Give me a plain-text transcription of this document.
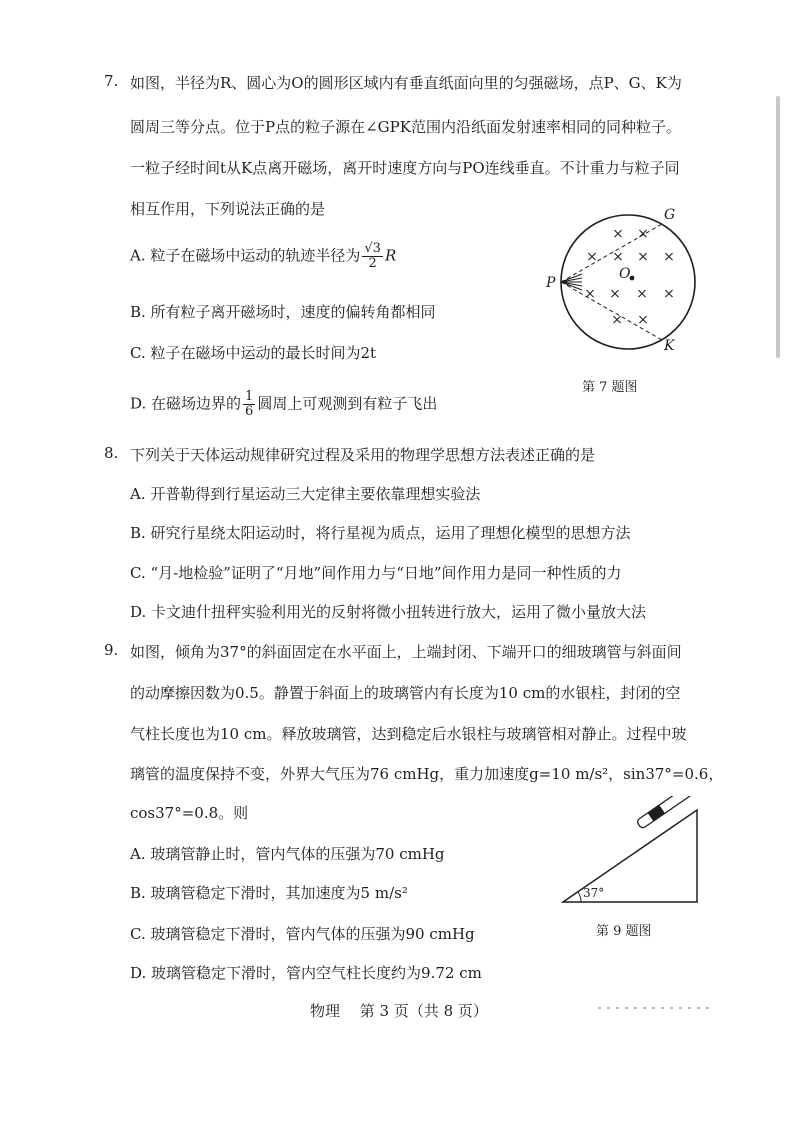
7. 如图，半径为R、圆心为O的圆形区域内有垂直纸面向里的匀强磁场，点P、G、K为
圆周三等分点。位于P点的粒子源在∠GPK范围内沿纸面发射速率相同的同种粒子。
一粒子经时间t从K点离开磁场，离开时速度方向与PO连线垂直。不计重力与粒子同
相互作用，下列说法正确的是
A. 粒子在磁场中运动的轨迹半径为 $\frac{√3}{2}$ R
B. 所有粒子离开磁场时，速度的偏转角都相同
C. 粒子在磁场中运动的最长时间为2t
D. 在磁场边界的 $\frac{1}{6}$ 圆周上可观测到有粒子飞出
× ×
× × × ×
× × × ×
× ×
O
P
G
K
第 7 题图
8. 下列关于天体运动规律研究过程及采用的物理学思想方法表述正确的是
A. 开普勒得到行星运动三大定律主要依靠理想实验法
B. 研究行星绕太阳运动时，将行星视为质点，运用了理想化模型的思想方法
C. “月-地检验”证明了“月地”间作用力与“日地”间作用力是同一种性质的力
D. 卡文迪什扭秤实验利用光的反射将微小扭转进行放大，运用了微小量放大法
9. 如图，倾角为37°的斜面固定在水平面上，上端封闭、下端开口的细玻璃管与斜面间
的动摩擦因数为0.5。静置于斜面上的玻璃管内有长度为10 cm的水银柱，封闭的空
气柱长度也为10 cm。释放玻璃管，达到稳定后水银柱与玻璃管相对静止。过程中玻
璃管的温度保持不变，外界大气压为76 cmHg，重力加速度g=10 m/s²，sin37°=0.6，
cos37°=0.8。则
A. 玻璃管静止时，管内气体的压强为70 cmHg
B. 玻璃管稳定下滑时，其加速度为5 m/s²
C. 玻璃管稳定下滑时，管内气体的压强为90 cmHg
D. 玻璃管稳定下滑时，管内空气柱长度约为9.72 cm
37°
第 9 题图
物理　 第 3 页（共 8 页）
